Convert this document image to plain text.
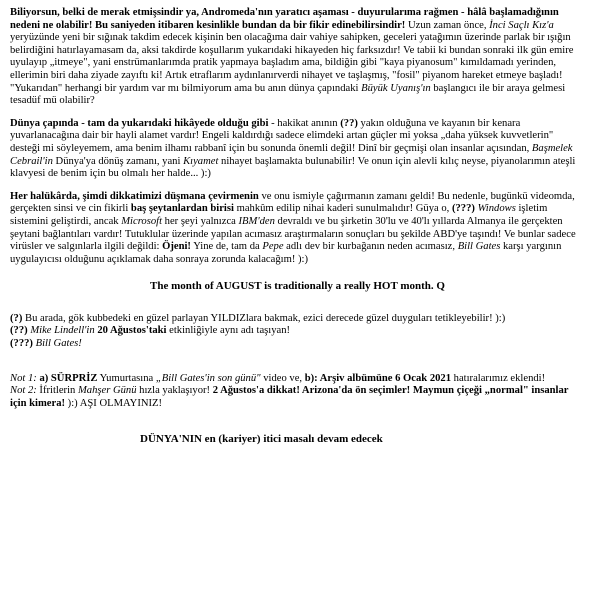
Biliyorsun, belki de merak etmişsindir ya, Andromeda'nın yaratıcı aşaması - duyurularıma rağmen - hâlâ başlamadığının nedeni ne olabilir! Bu saniyeden itibaren kesinlikle bundan da bir fikir edinebilirsindir! Uzun zaman önce, İnci Saçlı Kız'a yeryüzünde yeni bir sığınak takdim edecek kişinin ben olacağıma dair vahiye sahipken, geceleri yatağımın üzerinde parlak bir ışığın belirdiğini hatırlayamasam da, aksi takdirde koşullarım yukarıdaki hikayeden hiç farksızdır! Ve tabii ki bundan sonraki ilk gün emire uyulayıp „itmeye", yani enstrümanlarımda pratik yapmaya başladım ama, bildiğin gibi "kaya piyanosum" kımıldamadı yerinden, ellerimin biri daha ziyade zayıftı ki! Artık etraflarım aydınlanırverdi nihayet ve taşlaşmış, "fosil" piyanom hareket etmeye başladı! "Yukarıdan" herhangi bir yardım var mı bilmiyorum ama bu anın dünya çapındaki Büyük Uyanış'ın başlangıcı ile bir araya gelmesi tesadüf mü olabilir?

Dünya çapında - tam da yukarıdaki hikâyede olduğu gibi - hakikat anının (??) yakın olduğuna ve kayanın bir kenara yuvarlanacağına dair bir hayli alamet vardır! Engeli kaldırdığı sadece elimdeki artan güçler mi yoksa „daha yüksek kuvvetlerin" desteği mi söyleyemem, ama benim ilhamı rabbanî için bu sonunda önemli değil! Dinî bir geçmişi olan insanlar açısından, Başmelek Cebrail'in Dünya'ya dönüş zamanı, yani Kıyamet nihayet başlamakta bulunabilir! Ve onun için alevli kılıç neyse, piyanolarımın ateşli klavyesi de benim için bu olmalı her halde... ):)

Her halükârda, şimdi dikkatimizi düşmana çevirmenin ve onu ismiyle çağırmanın zamanı geldi! Bu nedenle, bugünkü videomda, gerçekten sinsi ve cin fikirli baş şeytanlardan birisi mahkûm edilip nihai kaderi sunulmalıdır! Güya o, (???) Windows işletim sistemini geliştirdi, ancak Microsoft her şeyi yalnızca IBM'den devraldı ve bu şirketin 30'lu ve 40'lı yıllarda Almanya ile gerçekten şeytani bağlantıları vardır! Tutuklular üzerinde yapılan acımasız araştırmaların sonuçları bu şekilde ABD'ye taşındı! Ve bunlar sadece virüsler ve salgınlarla ilgili değildi: Öjeni! Yine de, tam da Pepe adlı dev bir kurbağanın neden acımasız, Bill Gates karşı yargının uygulayıcısı olduğunu açıklamak daha sonraya zorunda kalacağım! ):)

The month of AUGUST is traditionally a really HOT month. Q

(?) Bu arada, gök kubbedeki en güzel parlayan YILDIZlara bakmak, ezici derecede güzel duyguları tetikleyebilir! ):)

(??) Mike Lindell'in 20 Ağustos'taki etkinliğiyle aynı adı taşıyan!

(???) Bill Gates!

Not 1: a) SÜRPRİZ Yumurtasına „Bill Gates'in son günü" video ve, b): Arşiv albümüne 6 Ocak 2021 hatıralarımız eklendi!

Not 2: İfritlerin Mahşer Günü hızla yaklaşıyor! 2 Ağustos'a dikkat! Arizona'da ön seçimler! Maymun çiçeği „normal" insanlar için kimera! ):) AŞI OLMAYINIZ!

DÜNYA'NIN en (kariyer) itici masalı devam edecek
